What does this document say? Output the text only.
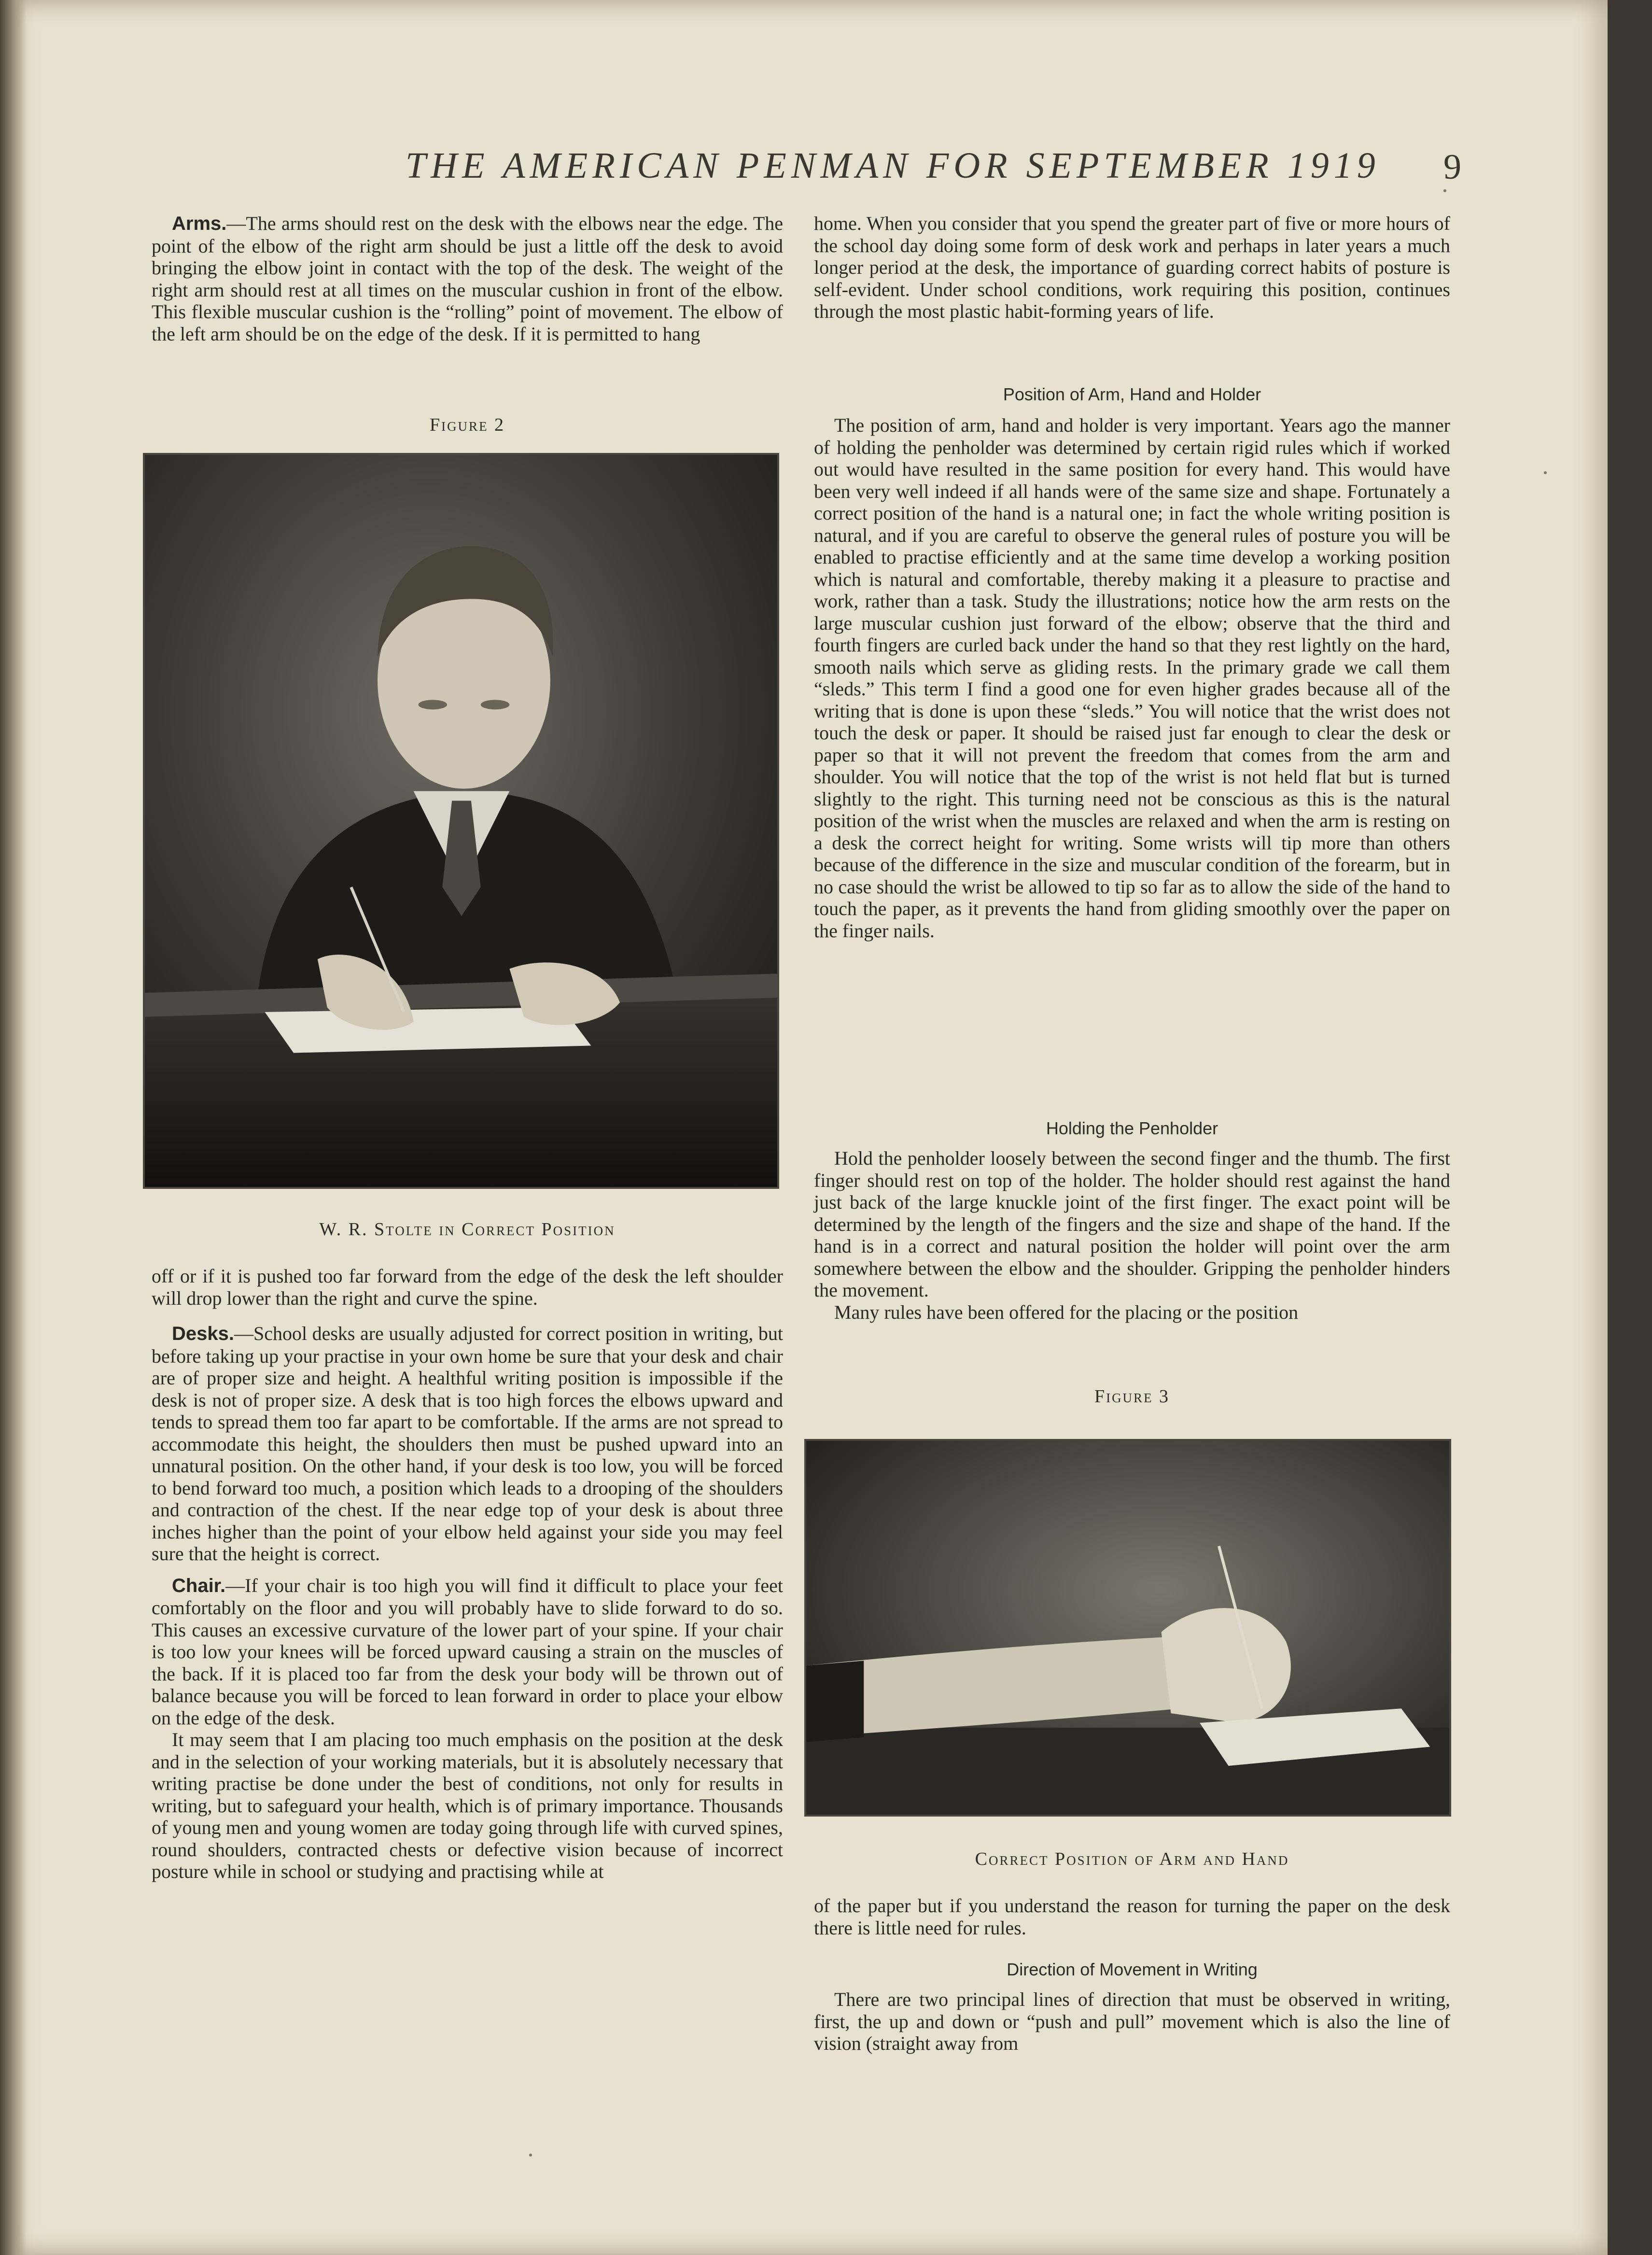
THE AMERICAN PENMAN FOR SEPTEMBER 1919	9

Arms.—The arms should rest on the desk with the elbows near the edge. The point of the elbow of the right arm should be just a little off the desk to avoid bringing the elbow joint in contact with the top of the desk. The weight of the right arm should rest at all times on the muscular cushion in front of the elbow. This flexible muscular cushion is the “rolling” point of movement. The elbow of the left arm should be on the edge of the desk. If it is permitted to hang

Figure 2
W. R. Stolte in Correct Position

off or if it is pushed too far forward from the edge of the desk the left shoulder will drop lower than the right and curve the spine.

Desks.—School desks are usually adjusted for correct position in writing, but before taking up your practise in your own home be sure that your desk and chair are of proper size and height. A healthful writing position is impossible if the desk is not of proper size. A desk that is too high forces the elbows upward and tends to spread them too far apart to be comfortable. If the arms are not spread to accommodate this height, the shoulders then must be pushed upward into an unnatural position. On the other hand, if your desk is too low, you will be forced to bend forward too much, a position which leads to a drooping of the shoulders and contraction of the chest. If the near edge top of your desk is about three inches higher than the point of your elbow held against your side you may feel sure that the height is correct.

Chair.—If your chair is too high you will find it difficult to place your feet comfortably on the floor and you will probably have to slide forward to do so. This causes an excessive curvature of the lower part of your spine. If your chair is too low your knees will be forced upward causing a strain on the muscles of the back. If it is placed too far from the desk your body will be thrown out of balance because you will be forced to lean forward in order to place your elbow on the edge of the desk.

It may seem that I am placing too much emphasis on the position at the desk and in the selection of your working materials, but it is absolutely necessary that writing practise be done under the best of conditions, not only for results in writing, but to safeguard your health, which is of primary importance. Thousands of young men and young women are today going through life with curved spines, round shoulders, contracted chests or defective vision because of incorrect posture while in school or studying and practising while at

home. When you consider that you spend the greater part of five or more hours of the school day doing some form of desk work and perhaps in later years a much longer period at the desk, the importance of guarding correct habits of posture is self-evident. Under school conditions, work requiring this position, continues through the most plastic habit-forming years of life.

Position of Arm, Hand and Holder

The position of arm, hand and holder is very important. Years ago the manner of holding the penholder was determined by certain rigid rules which if worked out would have resulted in the same position for every hand. This would have been very well indeed if all hands were of the same size and shape. Fortunately a correct position of the hand is a natural one; in fact the whole writing position is natural, and if you are careful to observe the general rules of posture you will be enabled to practise efficiently and at the same time develop a working position which is natural and comfortable, thereby making it a pleasure to practise and work, rather than a task. Study the illustrations; notice how the arm rests on the large muscular cushion just forward of the elbow; observe that the third and fourth fingers are curled back under the hand so that they rest lightly on the hard, smooth nails which serve as gliding rests. In the primary grade we call them “sleds.” This term I find a good one for even higher grades because all of the writing that is done is upon these “sleds.” You will notice that the wrist does not touch the desk or paper. It should be raised just far enough to clear the desk or paper so that it will not prevent the freedom that comes from the arm and shoulder. You will notice that the top of the wrist is not held flat but is turned slightly to the right. This turning need not be conscious as this is the natural position of the wrist when the muscles are relaxed and when the arm is resting on a desk the correct height for writing. Some wrists will tip more than others because of the difference in the size and muscular condition of the forearm, but in no case should the wrist be allowed to tip so far as to allow the side of the hand to touch the paper, as it prevents the hand from gliding smoothly over the paper on the finger nails.

Holding the Penholder

Hold the penholder loosely between the second finger and the thumb. The first finger should rest on top of the holder. The holder should rest against the hand just back of the large knuckle joint of the first finger. The exact point will be determined by the length of the fingers and the size and shape of the hand. If the hand is in a correct and natural position the holder will point over the arm somewhere between the elbow and the shoulder. Gripping the penholder hinders the movement.

Many rules have been offered for the placing or the position

Figure 3
Correct Position of Arm and Hand

of the paper but if you understand the reason for turning the paper on the desk there is little need for rules.

Direction of Movement in Writing

There are two principal lines of direction that must be observed in writing, first, the up and down or “push and pull” movement which is also the line of vision (straight away from
